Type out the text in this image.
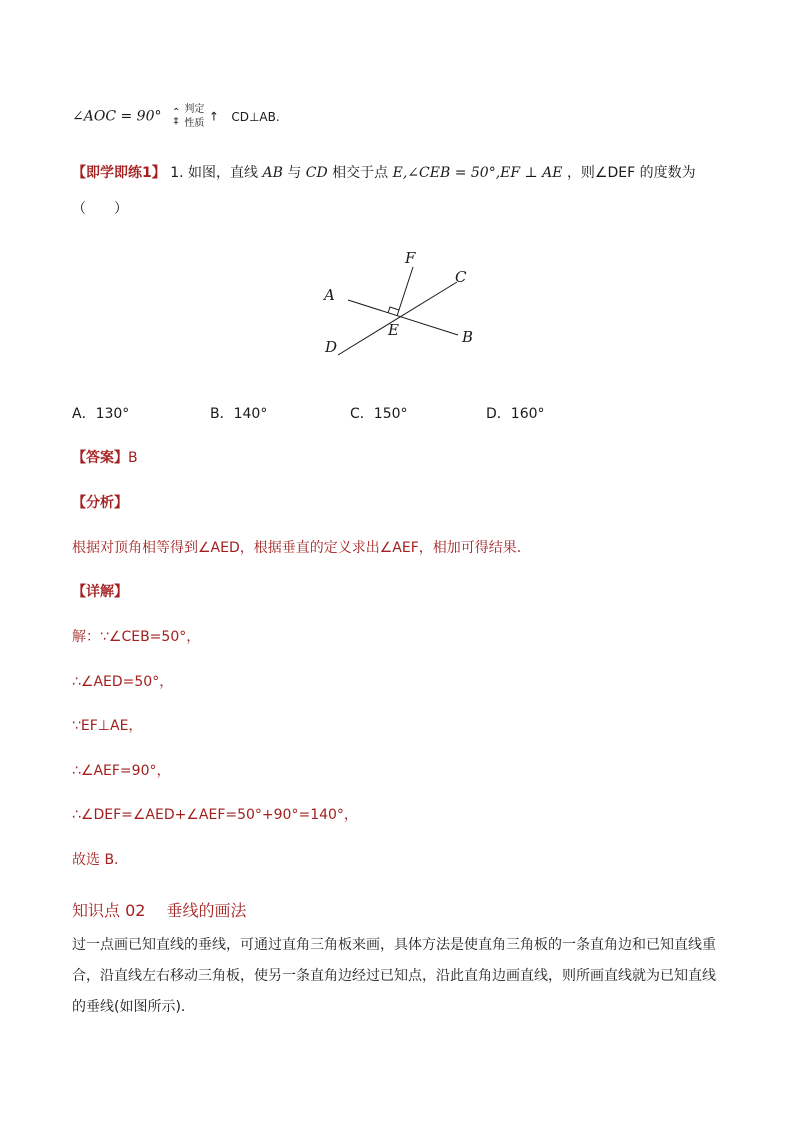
∠AOC = 90° ⌃
‡
判定
性质 ↑ CD⊥AB.
【即学即练1】 1. 如图，直线 AB 与 CD 相交于点 E,∠CEB = 50°,EF ⊥ AE ，则∠DEF 的度数为
（　　）
A
B
C
D
E
F
A．130°	B．140°	C．150°	D．160°
【答案】B
【分析】
根据对顶角相等得到∠AED，根据垂直的定义求出∠AEF，相加可得结果.
【详解】
解：∵∠CEB=50°，
∴∠AED=50°，
∵EF⊥AE，
∴∠AEF=90°，
∴∠DEF=∠AED+∠AEF=50°+90°=140°，
故选 B.
知识点 02 垂线的画法
过一点画已知直线的垂线，可通过直角三角板来画，具体方法是使直角三角板的一条直角边和已知直线重合，沿直线左右移动三角板，使另一条直角边经过已知点，沿此直角边画直线，则所画直线就为已知直线的垂线(如图所示).
